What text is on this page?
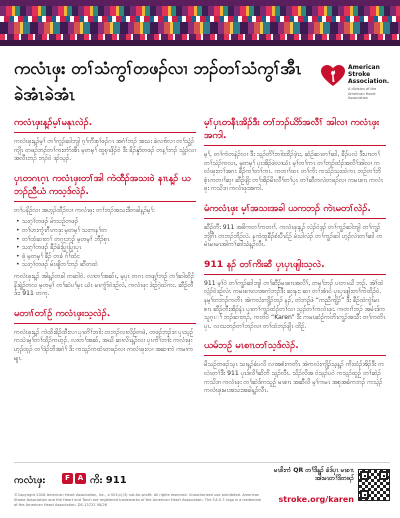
ကလံၤဖှး တၢ်သံကွၢ်တဖၣ်လၢ ဘၣ်တၢ်သံကွၢ်အီၤ ခဲအံၤခဲအံၤ
American Stroke Association.
A division of the American Heart Association
ကလံၤဖှးန့ၣ်မ့ၢ်မနုၤလဲၣ်.

ကလံၤဖှးန့ၣ်မ့ၢ် တၢ်ကူၣ်ဆါဘျါ ဂ့ၢ်ကီးစုၢ်ဖၣ်ဂၤ အဂံၢ်ဘၣ် အသး ခဲလၢာ်လၢ တၢ်သွံၣ်ကျိၤ တဖၣ်ဘၣ်တၢ်ကးတံာ်အီၤ မ့တမ့ၢ် ထူစ့ၤဖှိၣ်ဝဲ ဒီး ခိၣ်နူာ်တဖၣ် တန့ၢ်ဘၣ် သွံၣ်လၢ အလီၤဘၣ် ဘၣ်ဝဲ ဒၣ်သ့ၣ်.

ပှၤတဂၤဂ့ၤ ကလံၤဖှးတၢ်အါ ကဲထီၣ်အသးဝဲ နၢၤန့ၣ် ယဘၣ်ညီယံ ကသ့ဒ်လဲၣ်.

တၢ်ပနိဉ်လၢ အဟ့ၣ်ထီၣ်လၢ ကလံၤဖှး တၢ်ဘၣ်အသးဒီတခါန့ၣ်မ့ၢ်:

• သးဂ့ၢ်တဖၣ် မ်ာသဉ်တဖၣ်
• တၢ်ဟးကွံၤဂီၤကဒုး မ့တမ့ၢ် သးကနၢ်တ
• တၢ်ထံဆၢတၢ် တဂ့ၤဘၣ် မ့တမ့ၢ် ဘီၣ်စှၤ
• သးဂ့ၢ်တဖၣ် ခီၣ်ခံးပြုၤပြုၤပုၤ
• ဖုံ မ့တမ့ၢ် ခီၣ် တခံ ဂ်ၢ်ထံင
• သးဂ့ၢ်တဖၣ် မ်ၤဖျိတၢ်ဘၣ် ဆီတထဲ

ကလံၤဖှးန့ၣ် အါန့ၣ်တခါ တဆါဝဲ. လၢတၢ်အဆ်ၤ, မ့ပှၤ တဂၤ တဖျ့ၢ်ဘဉ် တၢ်ဆါထိၣ်နိးရှဲဉ်တလ မ့တမ့ၢ် တၢ်ဆဲပၢ်မ့ၤ ယံၤ မၤကွံာ်ဝဲဒဉ်လံ, ကလံၤဖှး ဒဲးဉ်ဂဲ့ထဲကး. ဆီဉ်တီဒ်းး 911 တကု.

မတၢၢ်တၢ်ဉ် ကလံၤဖှးသ့လဲၣ်.

ကလံၤဖှးန့ၣ် ကဲထိးခိဉ်ထီးလၢ ပှၤတိၢ်ဘၢါး တဘၣ်လၢလိဉ်တဖဲ, တဖၣ်ဘၣ်ဒၢ ပှၤသ့ဉ်ကသဲၤမ့ၢ်တၢ်ထိၣ်ကဟ့ၣ်. လၢတၢ်အဆ်, အဃိ ဆၢလိၤန့ၣ်လၢ ပှၤကိၢ်ဘၢါး ကလံၤဖှး ဟ့ၣ်ထ့ၣ် တၢ်ဒဲၣ်ဘိအဂံၢ် ဒိး ကသ့ၣ်ကထံၤတဖၣ်လၢ ကလံၤဖှးလၢ အဆၢကဲ ကမၢကမျၢ.

မ့ၢ်ပှၤတနီၤအိၣ်ဒီး တၢ်ဘၣ်ယိာ်အလီၢ် အါလၢ ကလံၤဖှးအကါ.

မ့ၢ်, တၢ်ကံတနံၣ်လၢ ဒီး သ့ၣ်တိၢ်ဘၢါးထိၣ်ဒဲ့ၤး, ဆံဉ်ဆၤတၢ်ဆါ, ခီၣ်ပလဲ ဒီးပၢၤတၢ် တၢ်သဲၣ်ကလၤ, မ့တမ့ၢ် ပှၤအိၣ်ဖဲလၢယံၤ မ့ၢ်တၢ်ကၤ တၢ်ဘှၣ်ထံၣ်အလိၢ်အါလၢ ကလံၤဖှးတၢ်အဂၤ ခီၣ်ကၢ်တၢ်ကၤ. ကတၢၢ်ထၤ တၢ်ကိး ကသံၣ်သုးထဲကၤ ဘဉ်တၢ်ဘိ စံ့ၤကတၢၢ်ဆှၢ ဆီဉ်ဖျိး တၢ်အိၣ်မိၤလီၢ်တၢ်ပှၤ တၢ်ဆီတလဲတဖၣ်လၢ ကမၤစၢၤ ကလံၤဖှး ကသိဒၢ ကလံၤဖှးအကါ.

မံကလံၤဖှး မ့ၢ်အသးအခါ ယကဘၣ် ကဲၤမတၢ်လဲၣ်.

ဆီဉ်တီး 911 အဖိကတၢ်ကတၢၢ်. ကလံၤဖှးန့ၣ် လဲၣ်ဝဲဒ့ၣ် တၢ်ကူၣ်ဆါဘျါ တၢ်ကူၣ်ဘျိဂီၤ တဘၣ်ဘိဉ်လဲ. နကဲထူခီၣ်စံးပီၤင်ဉ် မံသါလဲၣ် တၢ်ကူၣ်ဆါ ဟ့ၣ်လဲၤတၢ်ဆါ တမံၤမၤမၤအါကၢ်ဆါသံန့ၣ်လီၤ.

911 နၣ် တၢ်ကိးဆီ ပှၤပှၤဖျါးသ့လဲ.

911 မ့ၢ်ဝဲ တၢ်ကူၣ်ဆါဘျါ တၢ်ဆီဉ်မၤစၢၤအလိၢ်, တမ့ၢ်ဘၣ် ပၢဘၤဃိ ဘဉ်. အဲၢ်ထဲလံ့ၣ်ဝဲဒဉ်လဲၤ ကမၤစၢၤလၢအကဲဘၣ်ဒီး ဆှၢနးး ဆၢ တၢ်အံၤဝဲ ပှၤပှၤဖျါးတၢ်ကဲထိၣ်ဝဲ. နမ့ၢ်တဘၣ်ကတိၤ အဲကလံးကျိၣ်ဘၣ် နၣ်, တဲဘဉ်ဖဲ “ကညီကျိၣ်” ဒီး ခီဉ်ထဲကွံၤ်မၤစၢၤ ဆီဉ်တီးအိၣ်နံၤ ပှၤတၢ်ကူၣ်ထံၣ်တၢ်လၢ သ့ၣ်တၢ်ကလံၤဖှး. ကတၢၢ်ဘၣ် အမံၤဒ်ကသူဂ့ၤၢ် ဘၣ်ဆၢဘၣ်, ကတဲဝဲ “Karen” ဒီး ကမၤဆံဉ်ကတိၤကူၣ်အသီး တၢ်ကတိၤ ပှၤ. လၢသဘၣ်တၢ်ဘၣ်လၢ တၢ်ထံဘၣ်ဖျိၤ ထိဉ်.

ယမ်ဘဉ် မၤစၢၤတၢ်သ့ဒ်လဲၣ်.

မိသဉ်တဖၣ်သ့ၤ သၢန့ၣ်ခံပလိ လၢအစံးကတိၤ အဲကလံးကျိၣ်သ့န့ၣ် ကိးထံၣ်အိၣ်ဒီး ကလဲၤတၢ်ဒီး 911 ပှၤဒ်လိၢ်ဆိဘိ သ့ၣ်လီၤ. သိၣ်လိအ ဝဲသ့ၣ်ပဝဲ ကသ့ၣ်ထူဉ် တၢ်ဆဲၣ်ကသိဒၢ ကလံၤဖှး တၢ်ဆဲဒ်ကသူဉ် မၤစၢၤ အဆီလိ မ့ၢ်ကမၤ အစုအခံကဘၣ် ကသဲ့ၣ် ကလံၤဖှးမၤအသးအခါန့ၣ်လီၤ.

ကလံၤဖှး	F	A ကိး 911

©Copyright 2026 American Heart Association, Inc., a 501(c)(3) not-for-profit. All rights reserved. Unauthorized use prohibited. American Stroke Association and the Heart and Torch are registered trademarks of the American Heart Association. The F.A.S.T. logo is a trademark of the American Heart Association. DS-13722 08/26

မၤဖိးကံ QR တၢ်ဒိန့ၣ် ခံဒ်ပှၤ မၤစၢၤအါးမၤတၢ်ဒိတဖၣ်
stroke.org/karen
